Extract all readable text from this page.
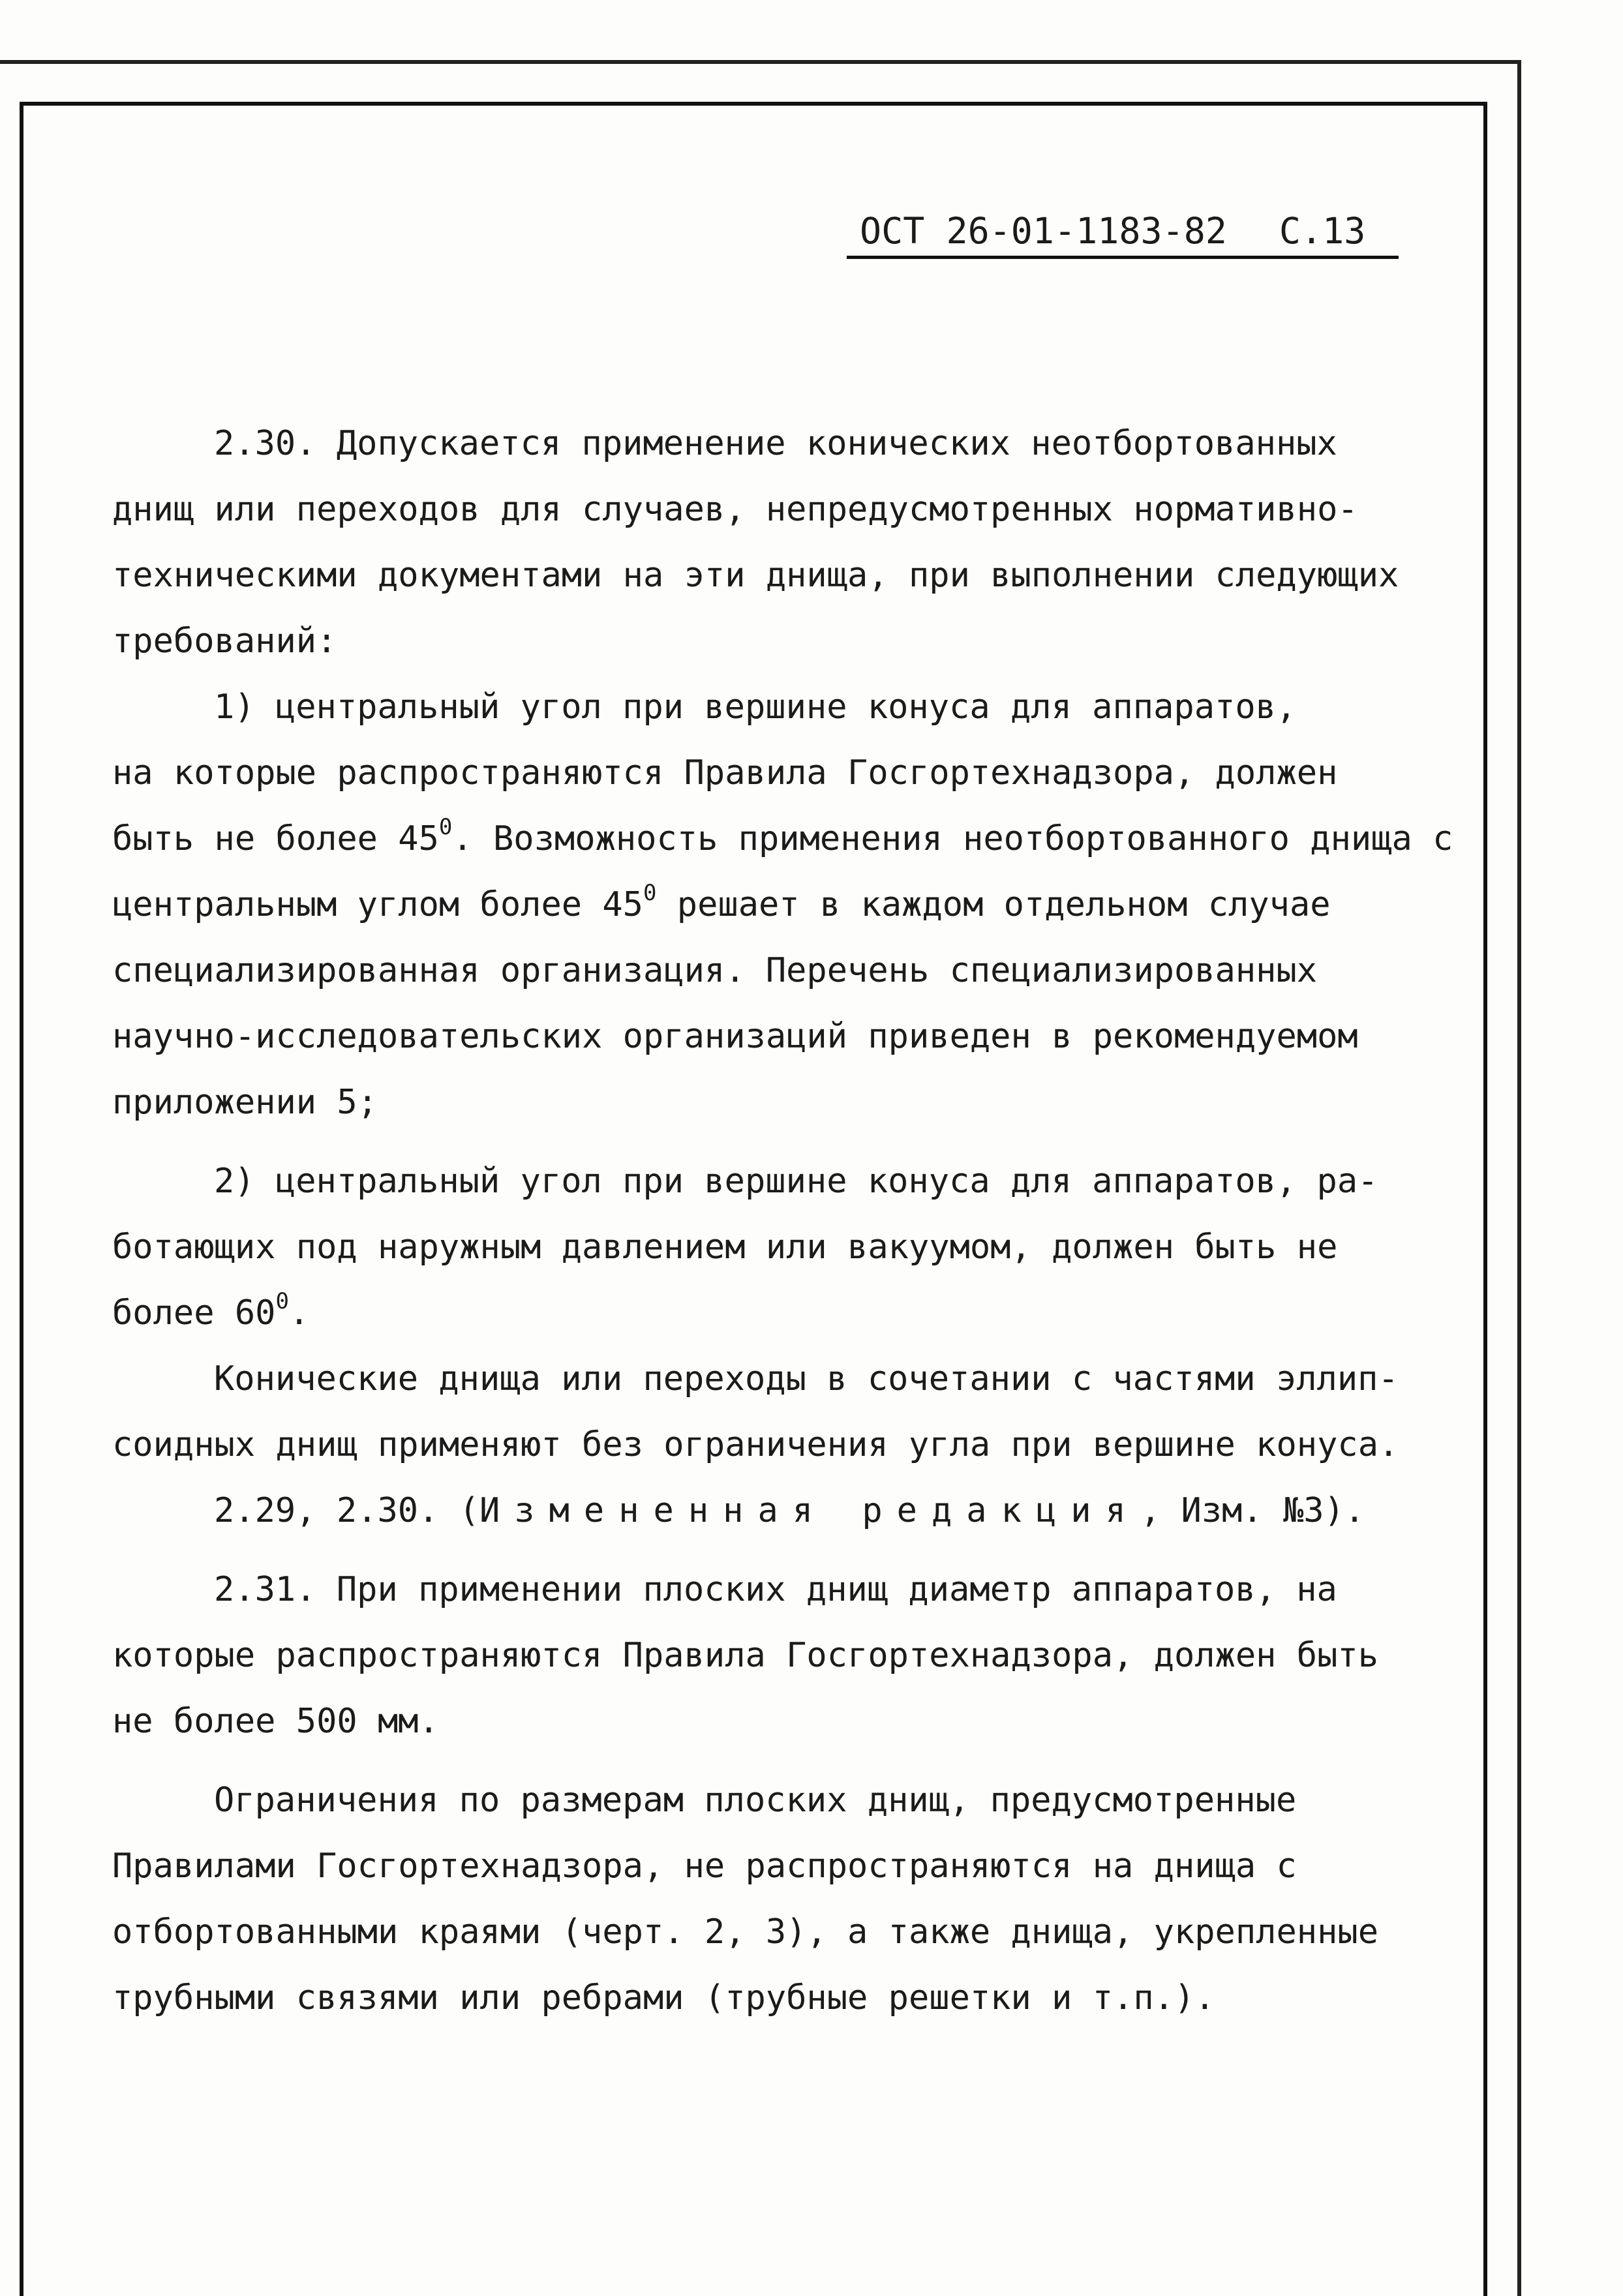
ОСТ 26-01-1183-82 С.13
2.30. Допускается применение конических неотбортованных
днищ или переходов для случаев, непредусмотренных нормативно-
техническими документами на эти днища, при выполнении следующих
требований:
1) центральный угол при вершине конуса для аппаратов,
на которые распространяются Правила Госгортехнадзора, должен
быть не более $45^0$. Возможность применения неотбортованного днища с
центральным углом более $45^0$ решает в каждом отдельном случае
специализированная организация. Перечень специализированных
научно-исследовательских организаций приведен в рекомендуемом
приложении 5;
2) центральный угол при вершине конуса для аппаратов, ра-
ботающих под наружным давлением или вакуумом, должен быть не
более $60^0$.
Конические днища или переходы в сочетании с частями эллип-
соидных днищ применяют без ограничения угла при вершине конуса.
2.29, 2.30. (Измененная редакция, Изм. №3).
2.31. При применении плоских днищ диаметр аппаратов, на
которые распространяются Правила Госгортехнадзора, должен быть
не более 500 мм.
Ограничения по размерам плоских днищ, предусмотренные
Правилами Госгортехнадзора, не распространяются на днища с
отбортованными краями (черт. 2, 3), а также днища, укрепленные
трубными связями или ребрами (трубные решетки и т.п.).
